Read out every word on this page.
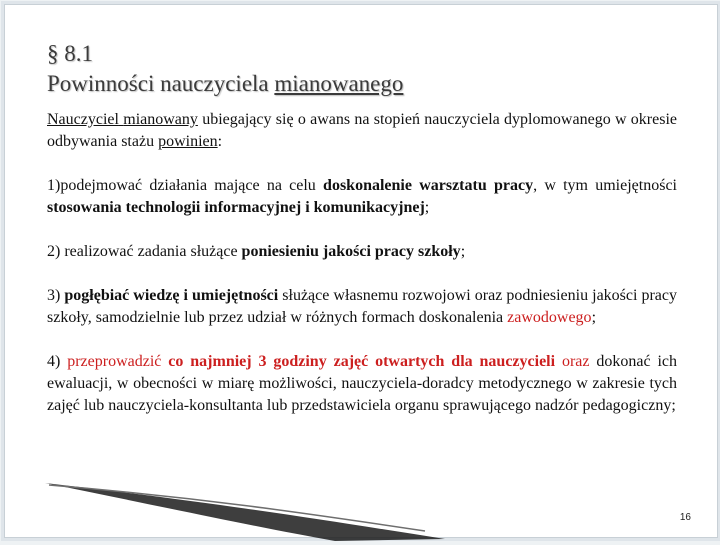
§ 8.1
Powinności nauczyciela mianowanego

Nauczyciel mianowany ubiegający się o awans na stopień nauczyciela dyplomowanego w okresie odbywania stażu powinien:

1)podejmować działania mające na celu doskonalenie warsztatu pracy, w tym umiejętności stosowania technologii informacyjnej i komunikacyjnej;

2) realizować zadania służące poniesieniu jakości pracy szkoły;

3) pogłębiać wiedzę i umiejętności służące własnemu rozwojowi oraz podniesieniu jakości pracy szkoły, samodzielnie lub przez udział w różnych formach doskonalenia zawodowego;

4) przeprowadzić co najmniej 3 godziny zajęć otwartych dla nauczycieli oraz dokonać ich ewaluacji, w obecności w miarę możliwości, nauczyciela-doradcy metodycznego w zakresie tych zajęć lub nauczyciela-konsultanta lub przedstawiciela organu sprawującego nadzór pedagogiczny;

16
